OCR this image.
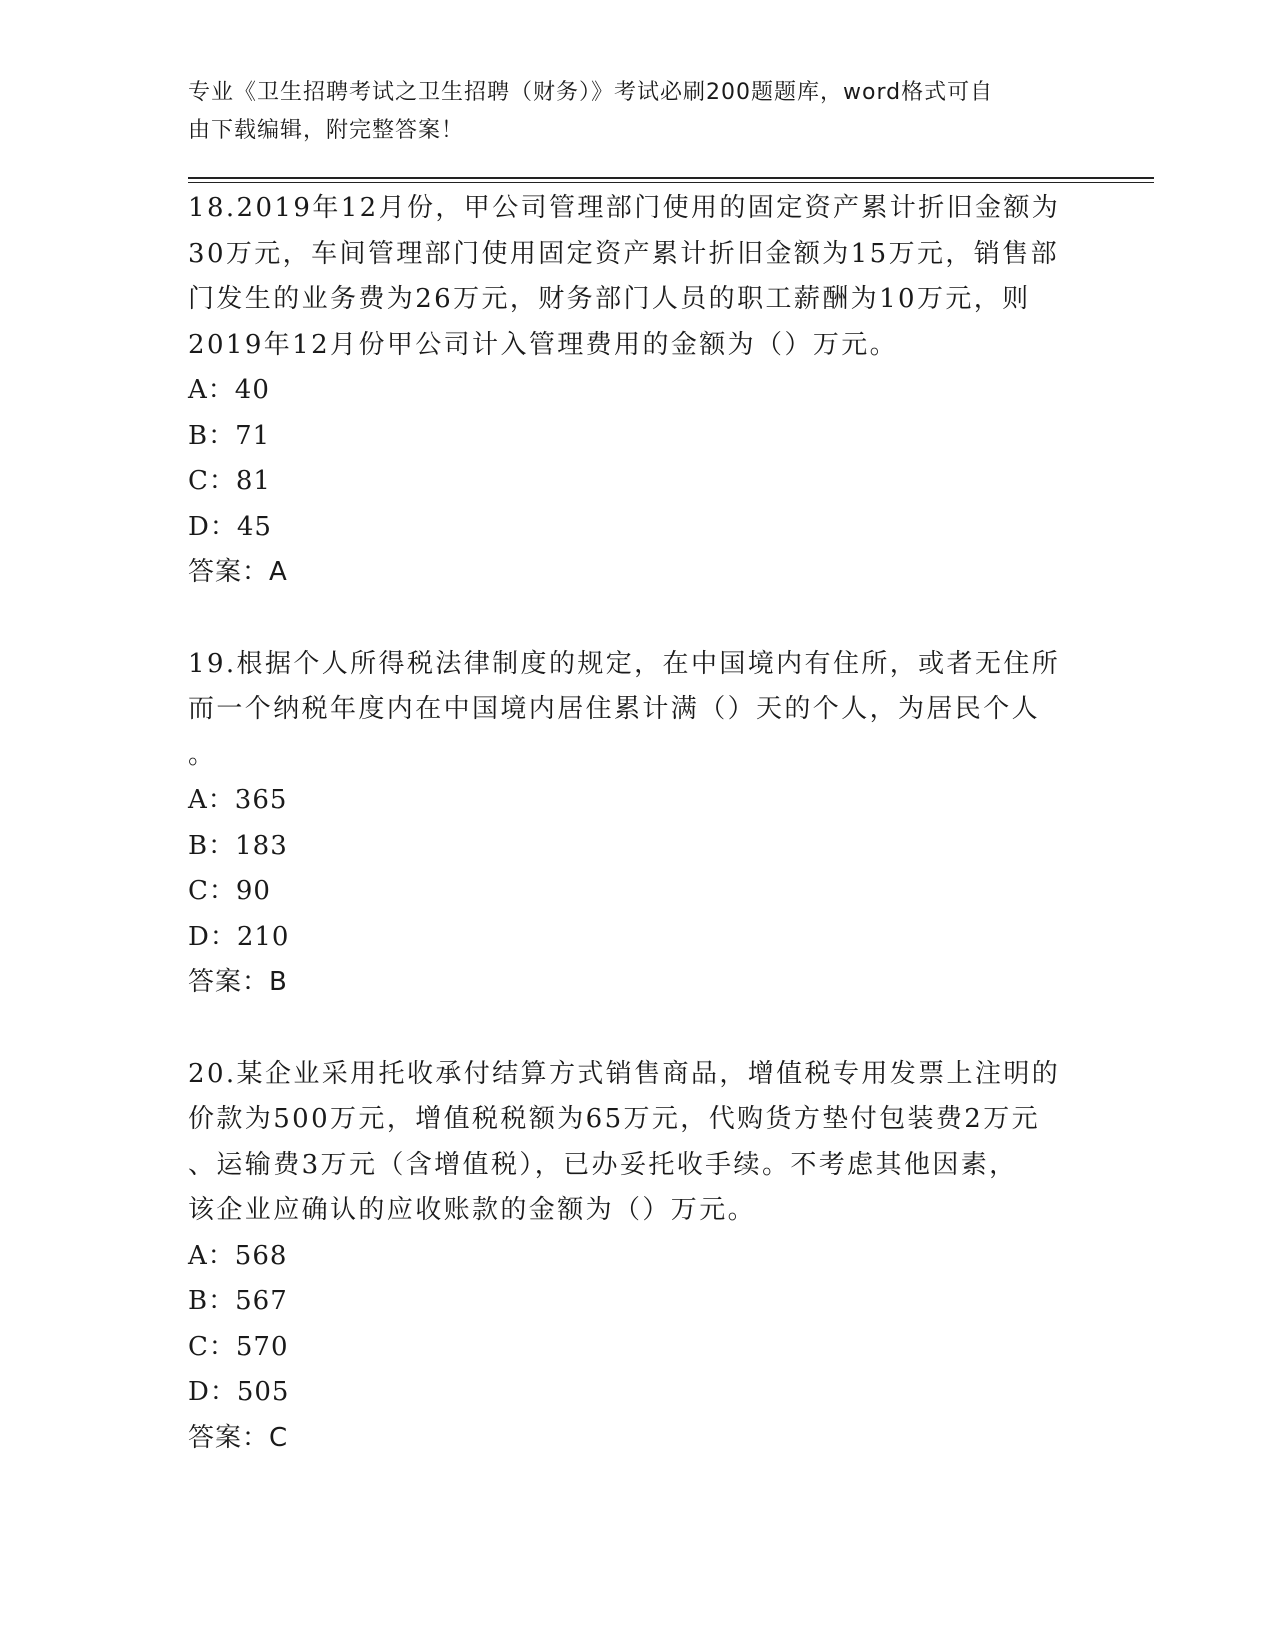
专业《卫生招聘考试之卫生招聘（财务）》考试必刷200题题库，word格式可自
由下载编辑，附完整答案！
18.2019年12月份，甲公司管理部门使用的固定资产累计折旧金额为
30万元，车间管理部门使用固定资产累计折旧金额为15万元，销售部
门发生的业务费为26万元，财务部门人员的职工薪酬为10万元，则
2019年12月份甲公司计入管理费用的金额为（）万元。
A：40
B：71
C：81
D：45
答案：A
19.根据个人所得税法律制度的规定，在中国境内有住所，或者无住所
而一个纳税年度内在中国境内居住累计满（）天的个人，为居民个人
。
A：365
B：183
C：90
D：210
答案：B
20.某企业采用托收承付结算方式销售商品，增值税专用发票上注明的
价款为500万元，增值税税额为65万元，代购货方垫付包装费2万元
、运输费3万元（含增值税），已办妥托收手续。不考虑其他因素，
该企业应确认的应收账款的金额为（）万元。
A：568
B：567
C：570
D：505
答案：C
